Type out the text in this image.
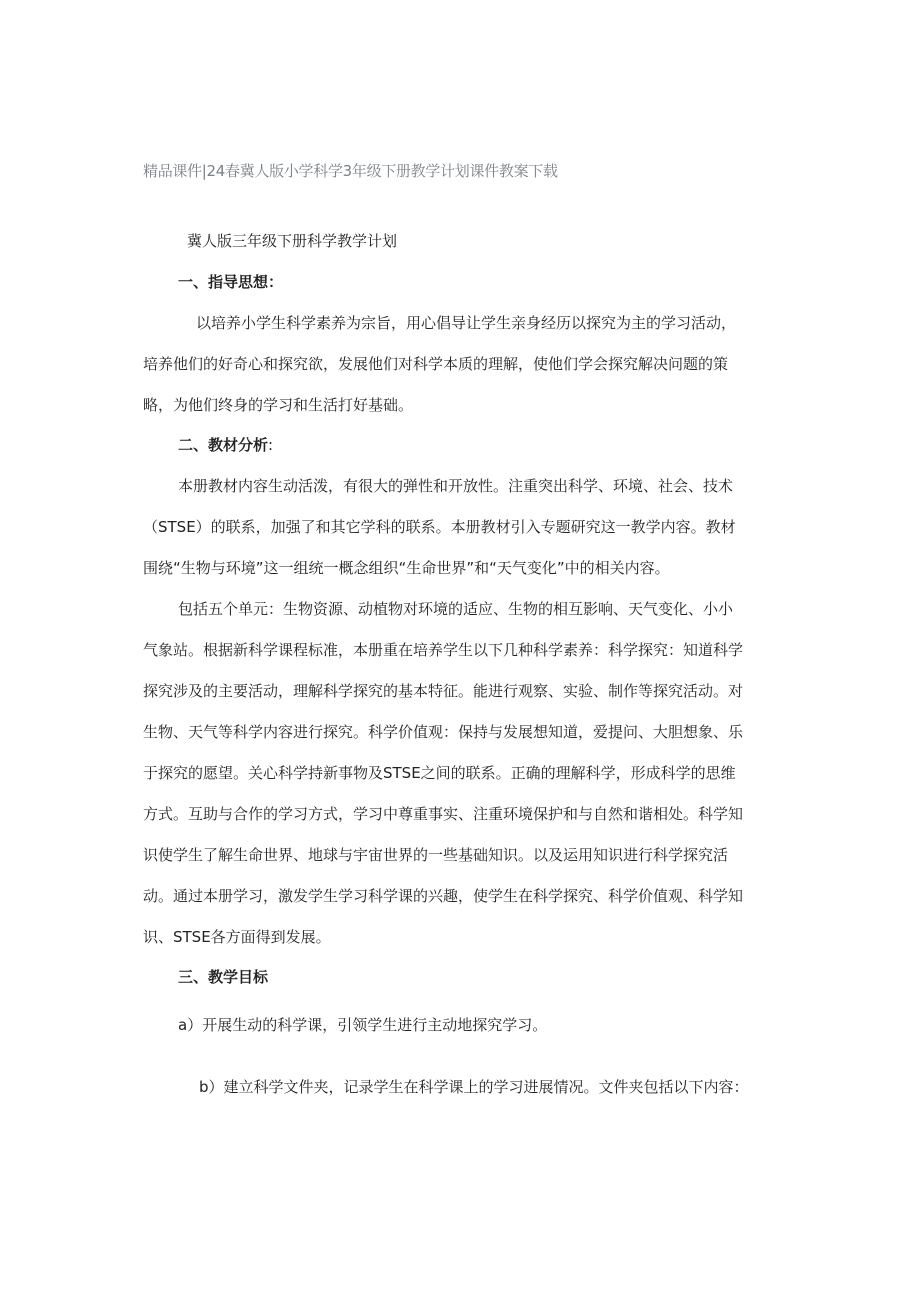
精品课件|24春冀人版小学科学3年级下册教学计划课件教案下载
冀人版三年级下册科学教学计划
一、指导思想：
以培养小学生科学素养为宗旨，用心倡导让学生亲身经历以探究为主的学习活动，
培养他们的好奇心和探究欲，发展他们对科学本质的理解，使他们学会探究解决问题的策
略，为他们终身的学习和生活打好基础。
二、教材分析:
本册教材内容生动活泼，有很大的弹性和开放性。注重突出科学、环境、社会、技术
（STSE）的联系，加强了和其它学科的联系。本册教材引入专题研究这一教学内容。教材
围绕“生物与环境”这一组统一概念组织“生命世界”和“天气变化”中的相关内容。
包括五个单元：生物资源、动植物对环境的适应、生物的相互影响、天气变化、小小
气象站。根据新科学课程标准，本册重在培养学生以下几种科学素养：科学探究：知道科学
探究涉及的主要活动，理解科学探究的基本特征。能进行观察、实验、制作等探究活动。对
生物、天气等科学内容进行探究。科学价值观：保持与发展想知道，爱提问、大胆想象、乐
于探究的愿望。关心科学持新事物及STSE之间的联系。正确的理解科学，形成科学的思维
方式。互助与合作的学习方式，学习中尊重事实、注重环境保护和与自然和谐相处。科学知
识使学生了解生命世界、地球与宇宙世界的一些基础知识。以及运用知识进行科学探究活
动。通过本册学习，激发学生学习科学课的兴趣，使学生在科学探究、科学价值观、科学知
识、STSE各方面得到发展。
三、教学目标
a）开展生动的科学课，引领学生进行主动地探究学习。
b）建立科学文件夹，记录学生在科学课上的学习进展情况。文件夹包括以下内容：
